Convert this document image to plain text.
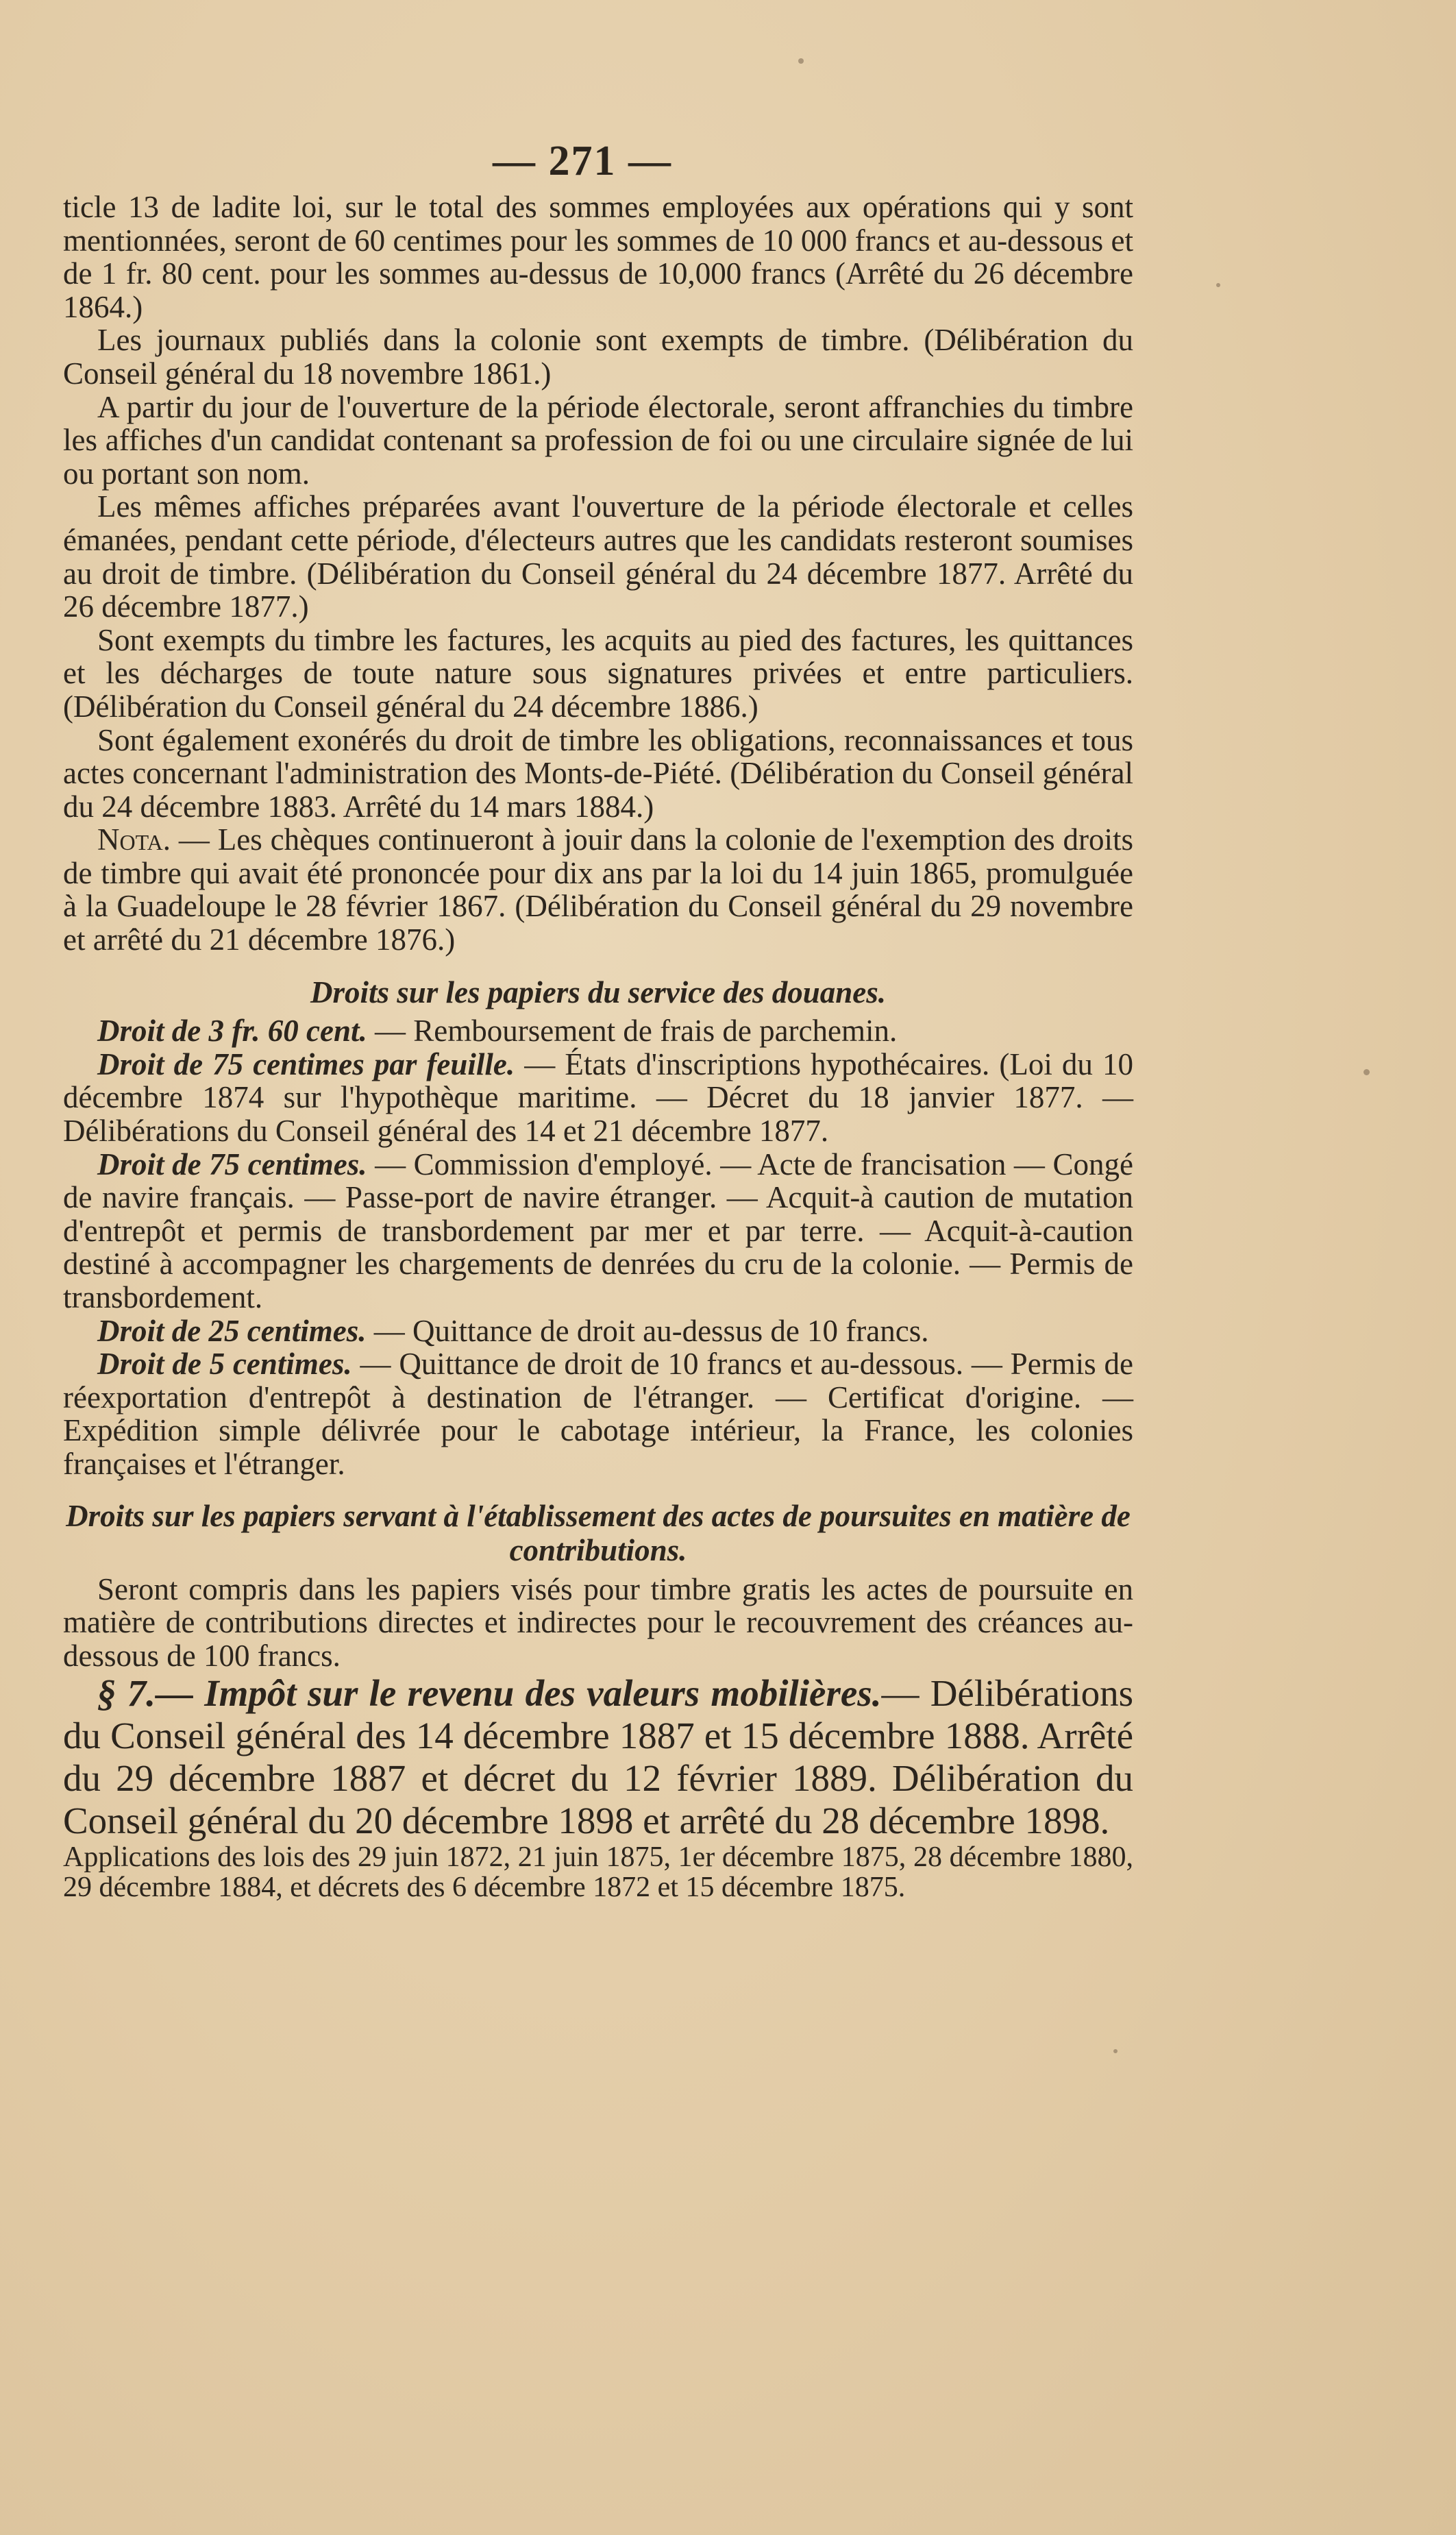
— 271 —

ticle 13 de ladite loi, sur le total des sommes employées aux opérations qui y sont mentionnées, seront de 60 centimes pour les sommes de 10 000 francs et au-dessous et de 1 fr. 80 cent. pour les sommes au-dessus de 10,000 francs (Arrêté du 26 décembre 1864.)

Les journaux publiés dans la colonie sont exempts de timbre. (Délibération du Conseil général du 18 novembre 1861.)

A partir du jour de l'ouverture de la période électorale, seront affranchies du timbre les affiches d'un candidat contenant sa profession de foi ou une circulaire signée de lui ou portant son nom.

Les mêmes affiches préparées avant l'ouverture de la période électorale et celles émanées, pendant cette période, d'électeurs autres que les candidats resteront soumises au droit de timbre. (Délibération du Conseil général du 24 décembre 1877. Arrêté du 26 décembre 1877.)

Sont exempts du timbre les factures, les acquits au pied des factures, les quittances et les décharges de toute nature sous signatures privées et entre particuliers. (Délibération du Conseil général du 24 décembre 1886.)

Sont également exonérés du droit de timbre les obligations, reconnaissances et tous actes concernant l'administration des Monts-de-Piété. (Délibération du Conseil général du 24 décembre 1883. Arrêté du 14 mars 1884.)

Nota. — Les chèques continueront à jouir dans la colonie de l'exemption des droits de timbre qui avait été prononcée pour dix ans par la loi du 14 juin 1865, promulguée à la Guadeloupe le 28 février 1867. (Délibération du Conseil général du 29 novembre et arrêté du 21 décembre 1876.)

Droits sur les papiers du service des douanes.

Droit de 3 fr. 60 cent. — Remboursement de frais de parchemin.

Droit de 75 centimes par feuille. — États d'inscriptions hypothécaires. (Loi du 10 décembre 1874 sur l'hypothèque maritime. — Décret du 18 janvier 1877. — Délibérations du Conseil général des 14 et 21 décembre 1877.

Droit de 75 centimes. — Commission d'employé. — Acte de francisation — Congé de navire français. — Passe-port de navire étranger. — Acquit-à caution de mutation d'entrepôt et permis de transbordement par mer et par terre. — Acquit-à-caution destiné à accompagner les chargements de denrées du cru de la colonie. — Permis de transbordement.

Droit de 25 centimes. — Quittance de droit au-dessus de 10 francs.

Droit de 5 centimes. — Quittance de droit de 10 francs et au-dessous. — Permis de réexportation d'entrepôt à destination de l'étranger. — Certificat d'origine. — Expédition simple délivrée pour le cabotage intérieur, la France, les colonies françaises et l'étranger.

Droits sur les papiers servant à l'établissement des actes de poursuites en matière de contributions.

Seront compris dans les papiers visés pour timbre gratis les actes de poursuite en matière de contributions directes et indirectes pour le recouvrement des créances au-dessous de 100 francs.

§ 7.— Impôt sur le revenu des valeurs mobilières.— Délibérations du Conseil général des 14 décembre 1887 et 15 décembre 1888. Arrêté du 29 décembre 1887 et décret du 12 février 1889. Délibération du Conseil général du 20 décembre 1898 et arrêté du 28 décembre 1898.

Applications des lois des 29 juin 1872, 21 juin 1875, 1er décembre 1875, 28 décembre 1880, 29 décembre 1884, et décrets des 6 décembre 1872 et 15 décembre 1875.
